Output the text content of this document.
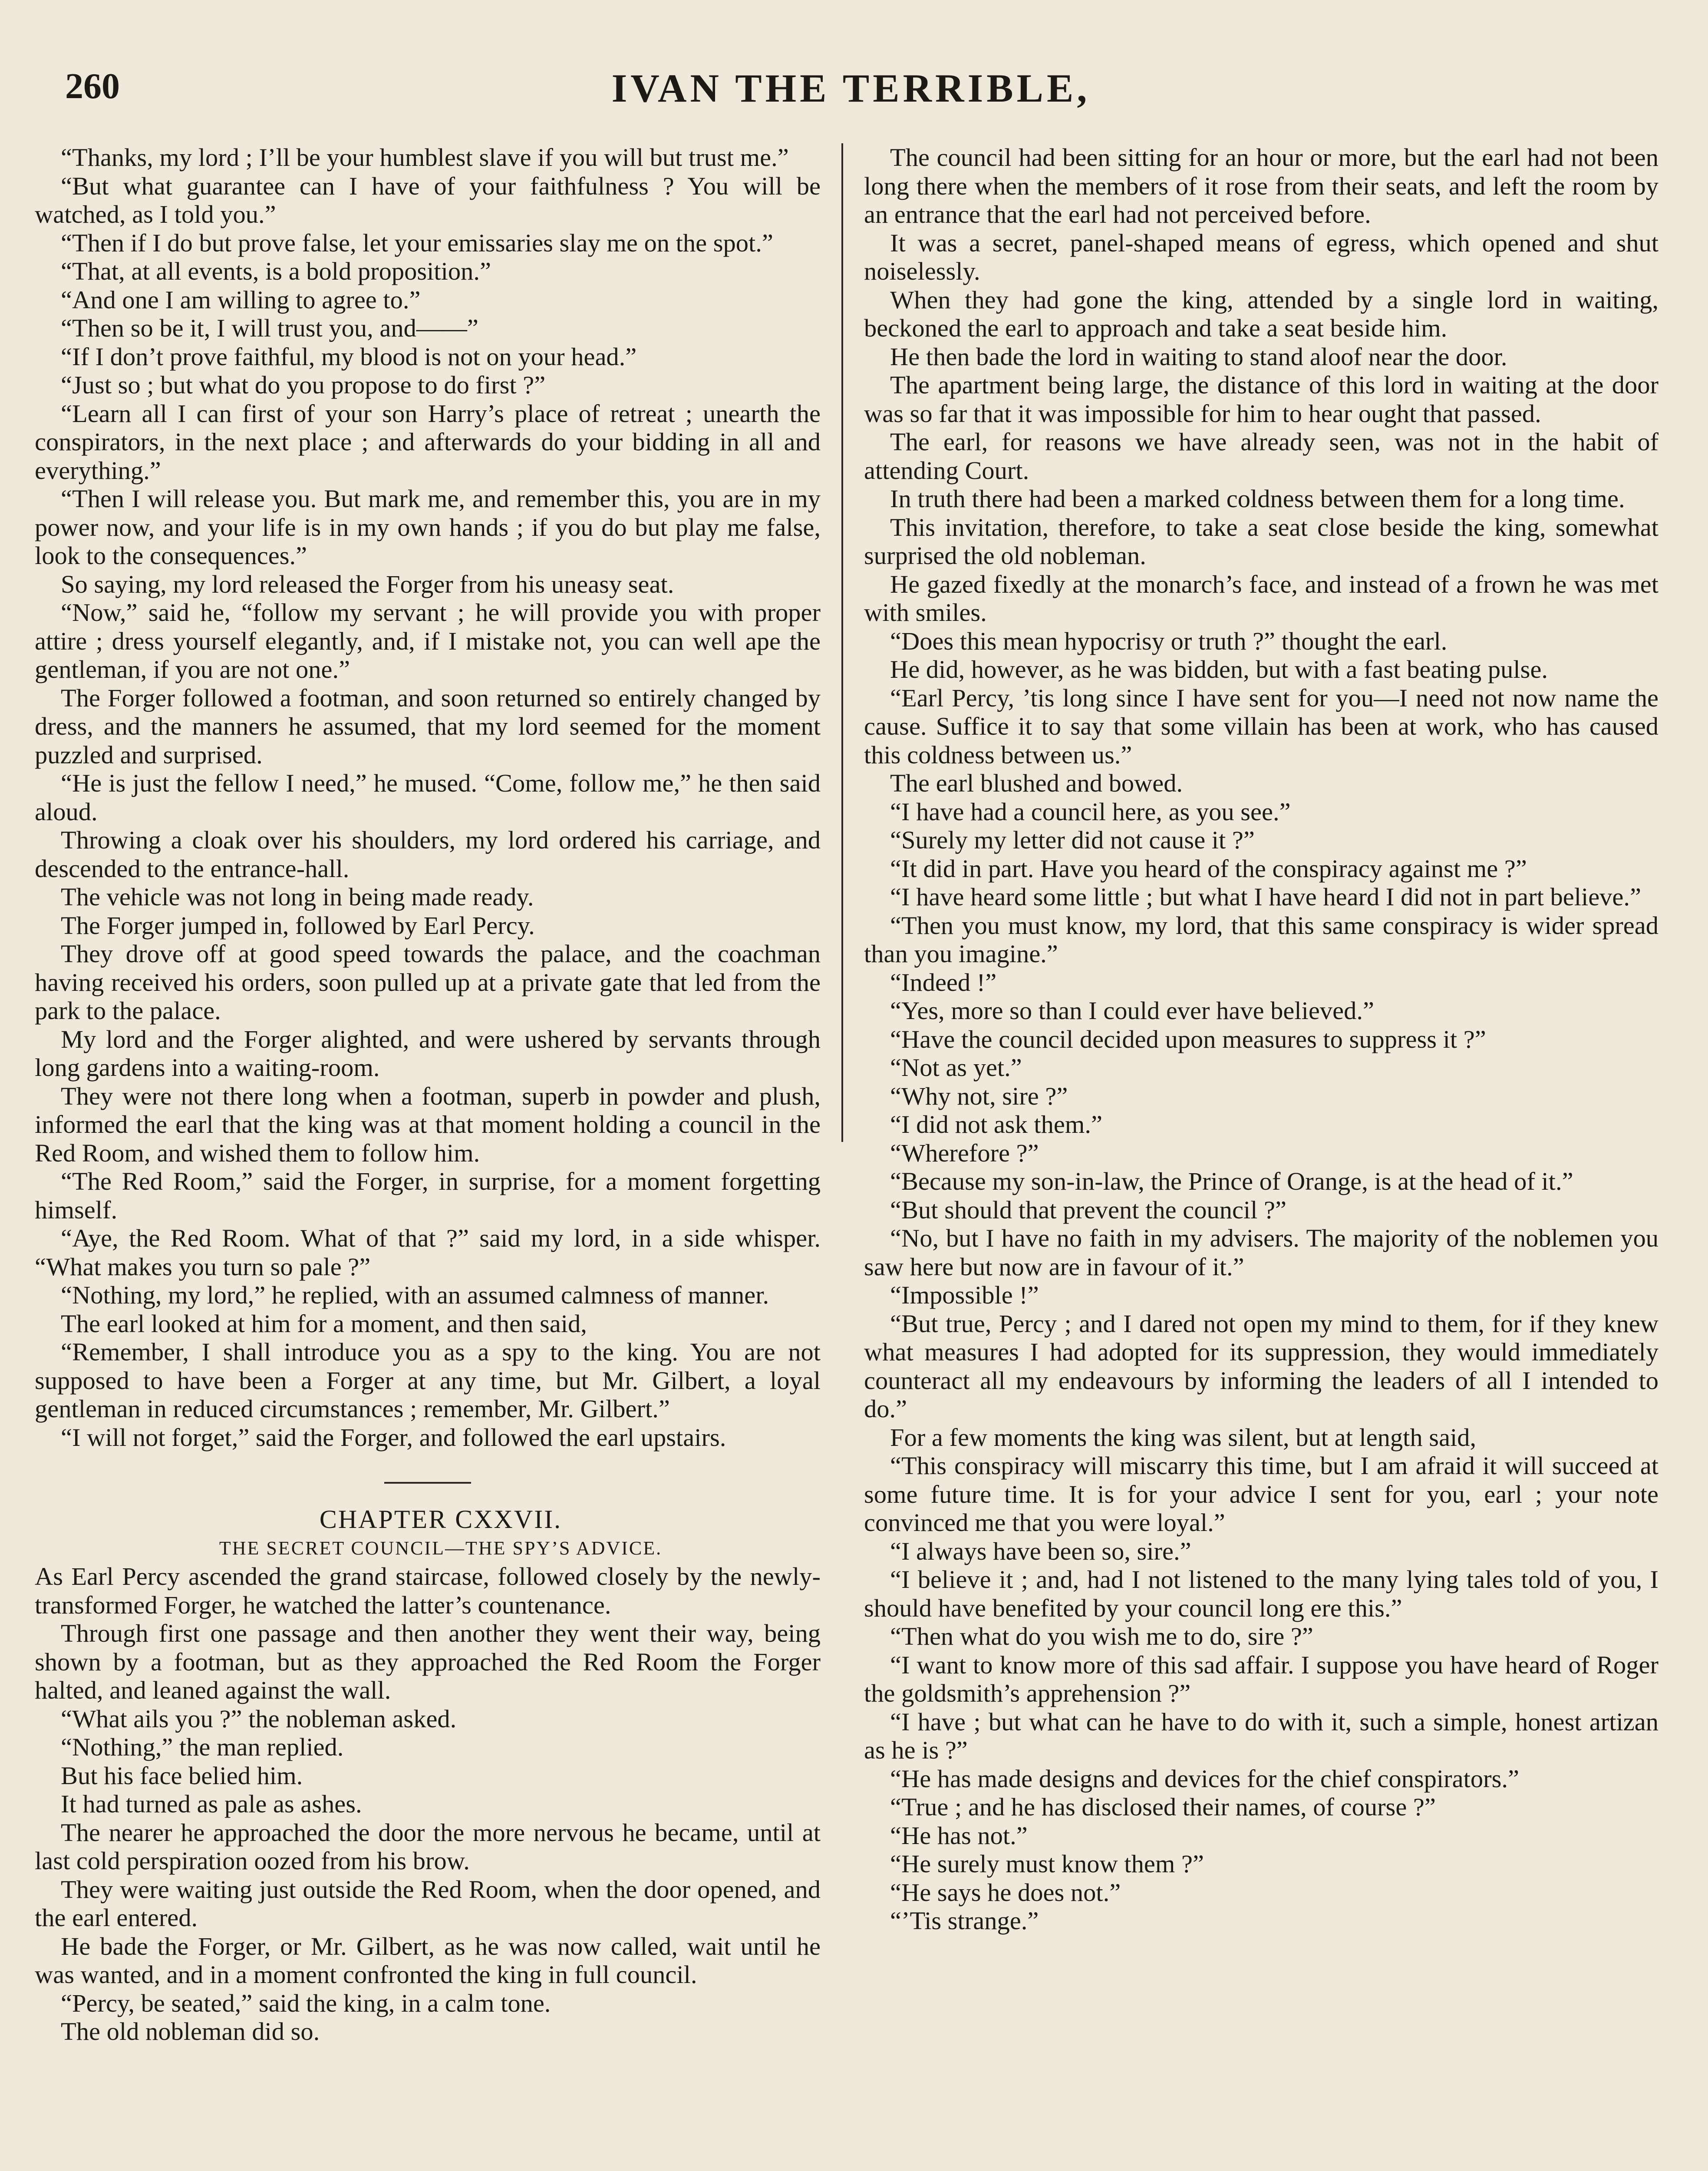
260	IVAN THE TERRIBLE,

“Thanks, my lord ; I’ll be your humblest slave if you will but trust me.”

“But what guarantee can I have of your faithfulness ? You will be watched, as I told you.”

“Then if I do but prove false, let your emissaries slay me on the spot.”

“That, at all events, is a bold proposition.”

“And one I am willing to agree to.”

“Then so be it, I will trust you, and——”

“If I don’t prove faithful, my blood is not on your head.”

“Just so ; but what do you propose to do first ?”

“Learn all I can first of your son Harry’s place of retreat ; unearth the conspirators, in the next place ; and afterwards do your bidding in all and everything.”

“Then I will release you. But mark me, and remember this, you are in my power now, and your life is in my own hands ; if you do but play me false, look to the consequences.”

So saying, my lord released the Forger from his uneasy seat.

“Now,” said he, “follow my servant ; he will provide you with proper attire ; dress yourself elegantly, and, if I mistake not, you can well ape the gentleman, if you are not one.”

The Forger followed a footman, and soon returned so entirely changed by dress, and the manners he assumed, that my lord seemed for the moment puzzled and surprised.

“He is just the fellow I need,” he mused. “Come, follow me,” he then said aloud.

Throwing a cloak over his shoulders, my lord ordered his carriage, and descended to the entrance-hall.

The vehicle was not long in being made ready.

The Forger jumped in, followed by Earl Percy.

They drove off at good speed towards the palace, and the coachman having received his orders, soon pulled up at a private gate that led from the park to the palace.

My lord and the Forger alighted, and were ushered by servants through long gardens into a waiting-room.

They were not there long when a footman, superb in powder and plush, informed the earl that the king was at that moment holding a council in the Red Room, and wished them to follow him.

“The Red Room,” said the Forger, in surprise, for a moment forgetting himself.

“Aye, the Red Room. What of that ?” said my lord, in a side whisper. “What makes you turn so pale ?”

“Nothing, my lord,” he replied, with an assumed calmness of manner.

The earl looked at him for a moment, and then said,

“Remember, I shall introduce you as a spy to the king. You are not supposed to have been a Forger at any time, but Mr. Gilbert, a loyal gentleman in reduced circumstances ; remember, Mr. Gilbert.”

“I will not forget,” said the Forger, and followed the earl upstairs.

CHAPTER CXXVII.

THE SECRET COUNCIL—THE SPY’S ADVICE.

As Earl Percy ascended the grand staircase, followed closely by the newly-transformed Forger, he watched the latter’s countenance.

Through first one passage and then another they went their way, being shown by a footman, but as they approached the Red Room the Forger halted, and leaned against the wall.

“What ails you ?” the nobleman asked.

“Nothing,” the man replied.

But his face belied him.

It had turned as pale as ashes.

The nearer he approached the door the more nervous he became, until at last cold perspiration oozed from his brow.

They were waiting just outside the Red Room, when the door opened, and the earl entered.

He bade the Forger, or Mr. Gilbert, as he was now called, wait until he was wanted, and in a moment confronted the king in full council.

“Percy, be seated,” said the king, in a calm tone.

The old nobleman did so.

The council had been sitting for an hour or more, but the earl had not been long there when the members of it rose from their seats, and left the room by an entrance that the earl had not perceived before.

It was a secret, panel-shaped means of egress, which opened and shut noiselessly.

When they had gone the king, attended by a single lord in waiting, beckoned the earl to approach and take a seat beside him.

He then bade the lord in waiting to stand aloof near the door.

The apartment being large, the distance of this lord in waiting at the door was so far that it was impossible for him to hear ought that passed.

The earl, for reasons we have already seen, was not in the habit of attending Court.

In truth there had been a marked coldness between them for a long time.

This invitation, therefore, to take a seat close beside the king, somewhat surprised the old nobleman.

He gazed fixedly at the monarch’s face, and instead of a frown he was met with smiles.

“Does this mean hypocrisy or truth ?” thought the earl.

He did, however, as he was bidden, but with a fast beating pulse.

“Earl Percy, ’tis long since I have sent for you—I need not now name the cause. Suffice it to say that some villain has been at work, who has caused this coldness between us.”

The earl blushed and bowed.

“I have had a council here, as you see.”

“Surely my letter did not cause it ?”

“It did in part. Have you heard of the conspiracy against me ?”

“I have heard some little ; but what I have heard I did not in part believe.”

“Then you must know, my lord, that this same conspiracy is wider spread than you imagine.”

“Indeed !”

“Yes, more so than I could ever have believed.”

“Have the council decided upon measures to suppress it ?”

“Not as yet.”

“Why not, sire ?”

“I did not ask them.”

“Wherefore ?”

“Because my son-in-law, the Prince of Orange, is at the head of it.”

“But should that prevent the council ?”

“No, but I have no faith in my advisers. The majority of the noblemen you saw here but now are in favour of it.”

“Impossible !”

“But true, Percy ; and I dared not open my mind to them, for if they knew what measures I had adopted for its suppression, they would immediately counteract all my endeavours by informing the leaders of all I intended to do.”

For a few moments the king was silent, but at length said,

“This conspiracy will miscarry this time, but I am afraid it will succeed at some future time. It is for your advice I sent for you, earl ; your note convinced me that you were loyal.”

“I always have been so, sire.”

“I believe it ; and, had I not listened to the many lying tales told of you, I should have benefited by your council long ere this.”

“Then what do you wish me to do, sire ?”

“I want to know more of this sad affair. I suppose you have heard of Roger the goldsmith’s apprehension ?”

“I have ; but what can he have to do with it, such a simple, honest artizan as he is ?”

“He has made designs and devices for the chief conspirators.”

“True ; and he has disclosed their names, of course ?”

“He has not.”

“He surely must know them ?”

“He says he does not.”

“’Tis strange.”
